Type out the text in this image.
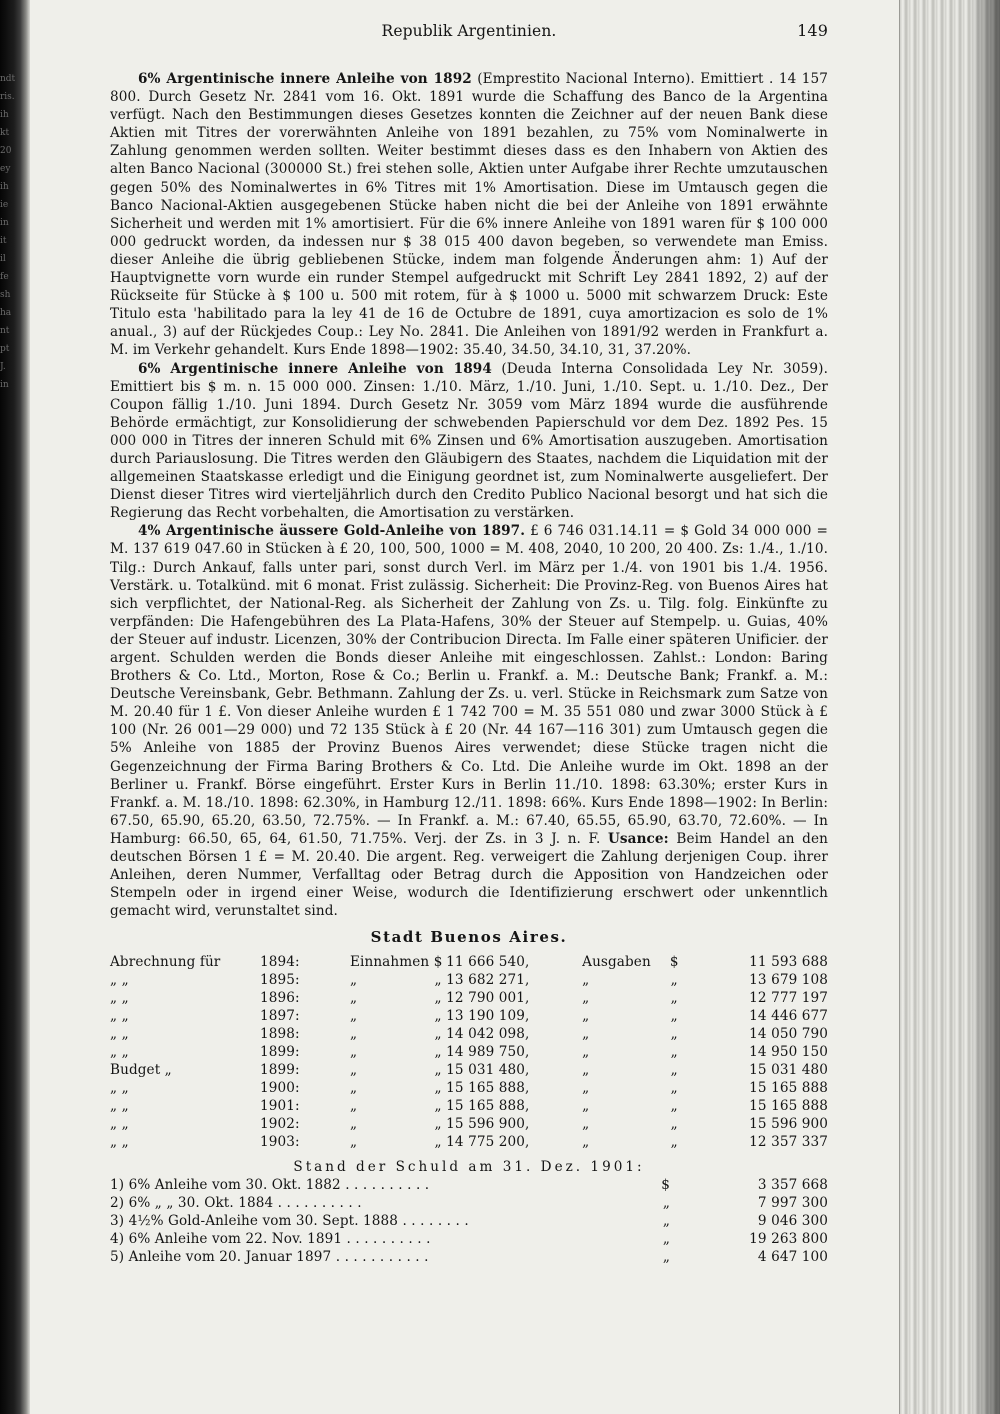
ndt
ris.
ih
kt
20
ey
ih
ie
in
it
il
fe
sh
ha
nt
pt
J.
in
Republik Argentinien.	149

6% Argentinische innere Anleihe von 1892 (Emprestito Nacional Interno). Emittiert . 14 157 800. Durch Gesetz Nr. 2841 vom 16. Okt. 1891 wurde die Schaffung des Banco de la Argentina verfügt. Nach den Bestimmungen dieses Gesetzes konnten die Zeichner auf der neuen Bank diese Aktien mit Titres der vorerwähnten Anleihe von 1891 bezahlen, zu 75% vom Nominalwerte in Zahlung genommen werden sollten. Weiter bestimmt dieses dass es den Inhabern von Aktien des alten Banco Nacional (300000 St.) frei stehen solle, Aktien unter Aufgabe ihrer Rechte umzutauschen gegen 50% des Nominalwertes in 6% Titres mit 1% Amortisation. Diese im Umtausch gegen die Banco Nacional-Aktien ausgegebenen Stücke haben nicht die bei der Anleihe von 1891 erwähnte Sicherheit und werden mit 1% amortisiert. Für die 6% innere Anleihe von 1891 waren für $ 100 000 000 gedruckt worden, da indessen nur $ 38 015 400 davon begeben, so verwendete man Emiss. dieser Anleihe die übrig gebliebenen Stücke, indem man folgende Änderungen ahm: 1) Auf der Hauptvignette vorn wurde ein runder Stempel aufgedruckt mit Schrift Ley 2841 1892, 2) auf der Rückseite für Stücke à $ 100 u. 500 mit rotem, für à $ 1000 u. 5000 mit schwarzem Druck: Este Titulo esta 'habilitado para la ley 41 de 16 de Octubre de 1891, cuya amortizacion es solo de 1% anual., 3) auf der Rückjedes Coup.: Ley No. 2841. Die Anleihen von 1891/92 werden in Frankfurt a. M. im Verkehr gehandelt. Kurs Ende 1898—1902: 35.40, 34.50, 34.10, 31, 37.20%.

6% Argentinische innere Anleihe von 1894 (Deuda Interna Consolidada Ley Nr. 3059). Emittiert bis $ m. n. 15 000 000. Zinsen: 1./10. März, 1./10. Juni, 1./10. Sept. u. 1./10. Dez., Der Coupon fällig 1./10. Juni 1894. Durch Gesetz Nr. 3059 vom März 1894 wurde die ausführende Behörde ermächtigt, zur Konsolidierung der schwebenden Papierschuld vor dem Dez. 1892 Pes. 15 000 000 in Titres der inneren Schuld mit 6% Zinsen und 6% Amortisation auszugeben. Amortisation durch Pariauslosung. Die Titres werden den Gläubigern des Staates, nachdem die Liquidation mit der allgemeinen Staatskasse erledigt und die Einigung geordnet ist, zum Nominalwerte ausgeliefert. Der Dienst dieser Titres wird vierteljährlich durch den Credito Publico Nacional besorgt und hat sich die Regierung das Recht vorbehalten, die Amortisation zu verstärken.

4% Argentinische äussere Gold-Anleihe von 1897. £ 6 746 031.14.11 = $ Gold 34 000 000 = M. 137 619 047.60 in Stücken à £ 20, 100, 500, 1000 = M. 408, 2040, 10 200, 20 400. Zs: 1./4., 1./10. Tilg.: Durch Ankauf, falls unter pari, sonst durch Verl. im März per 1./4. von 1901 bis 1./4. 1956. Verstärk. u. Totalkünd. mit 6 monat. Frist zulässig. Sicherheit: Die Provinz-Reg. von Buenos Aires hat sich verpflichtet, der National-Reg. als Sicherheit der Zahlung von Zs. u. Tilg. folg. Einkünfte zu verpfänden: Die Hafengebühren des La Plata-Hafens, 30% der Steuer auf Stempelp. u. Guias, 40% der Steuer auf industr. Licenzen, 30% der Contribucion Directa. Im Falle einer späteren Unificier. der argent. Schulden werden die Bonds dieser Anleihe mit eingeschlossen. Zahlst.: London: Baring Brothers & Co. Ltd., Morton, Rose & Co.; Berlin u. Frankf. a. M.: Deutsche Bank; Frankf. a. M.: Deutsche Vereinsbank, Gebr. Bethmann. Zahlung der Zs. u. verl. Stücke in Reichsmark zum Satze von M. 20.40 für 1 £. Von dieser Anleihe wurden £ 1 742 700 = M. 35 551 080 und zwar 3000 Stück à £ 100 (Nr. 26 001—29 000) und 72 135 Stück à £ 20 (Nr. 44 167—116 301) zum Umtausch gegen die 5% Anleihe von 1885 der Provinz Buenos Aires verwendet; diese Stücke tragen nicht die Gegenzeichnung der Firma Baring Brothers & Co. Ltd. Die Anleihe wurde im Okt. 1898 an der Berliner u. Frankf. Börse eingeführt. Erster Kurs in Berlin 11./10. 1898: 63.30%; erster Kurs in Frankf. a. M. 18./10. 1898: 62.30%, in Hamburg 12./11. 1898: 66%. Kurs Ende 1898—1902: In Berlin: 67.50, 65.90, 65.20, 63.50, 72.75%. — In Frankf. a. M.: 67.40, 65.55, 65.90, 63.70, 72.60%. — In Hamburg: 66.50, 65, 64, 61.50, 71.75%. Verj. der Zs. in 3 J. n. F. Usance: Beim Handel an den deutschen Börsen 1 £ = M. 20.40. Die argent. Reg. verweigert die Zahlung derjenigen Coup. ihrer Anleihen, deren Nummer, Verfalltag oder Betrag durch die Apposition von Handzeichen oder Stempeln oder in irgend einer Weise, wodurch die Identifizierung erschwert oder unkenntlich gemacht wird, verunstaltet sind.

Stadt Buenos Aires.
Abrechnung für	1894:	Einnahmen	$	11 666 540,	Ausgaben	$	11 593 688
„ „	1895:	„	„	13 682 271,	„	„	13 679 108
„ „	1896:	„	„	12 790 001,	„	„	12 777 197
„ „	1897:	„	„	13 190 109,	„	„	14 446 677
„ „	1898:	„	„	14 042 098,	„	„	14 050 790
„ „	1899:	„	„	14 989 750,	„	„	14 950 150
Budget „	1899:	„	„	15 031 480,	„	„	15 031 480
„ „	1900:	„	„	15 165 888,	„	„	15 165 888
„ „	1901:	„	„	15 165 888,	„	„	15 165 888
„ „	1902:	„	„	15 596 900,	„	„	15 596 900
„ „	1903:	„	„	14 775 200,	„	„	12 357 337
Stand der Schuld am 31. Dez. 1901:
1) 6% Anleihe vom 30. Okt. 1882 . . . . . . . . . .	$	3 357 668
2) 6% „ „ 30. Okt. 1884 . . . . . . . . . .	„	7 997 300
3) 4½% Gold-Anleihe vom 30. Sept. 1888 . . . . . . . .	„	9 046 300
4) 6% Anleihe vom 22. Nov. 1891 . . . . . . . . . .	„	19 263 800
5) Anleihe vom 20. Januar 1897 . . . . . . . . . . .	„	4 647 100
